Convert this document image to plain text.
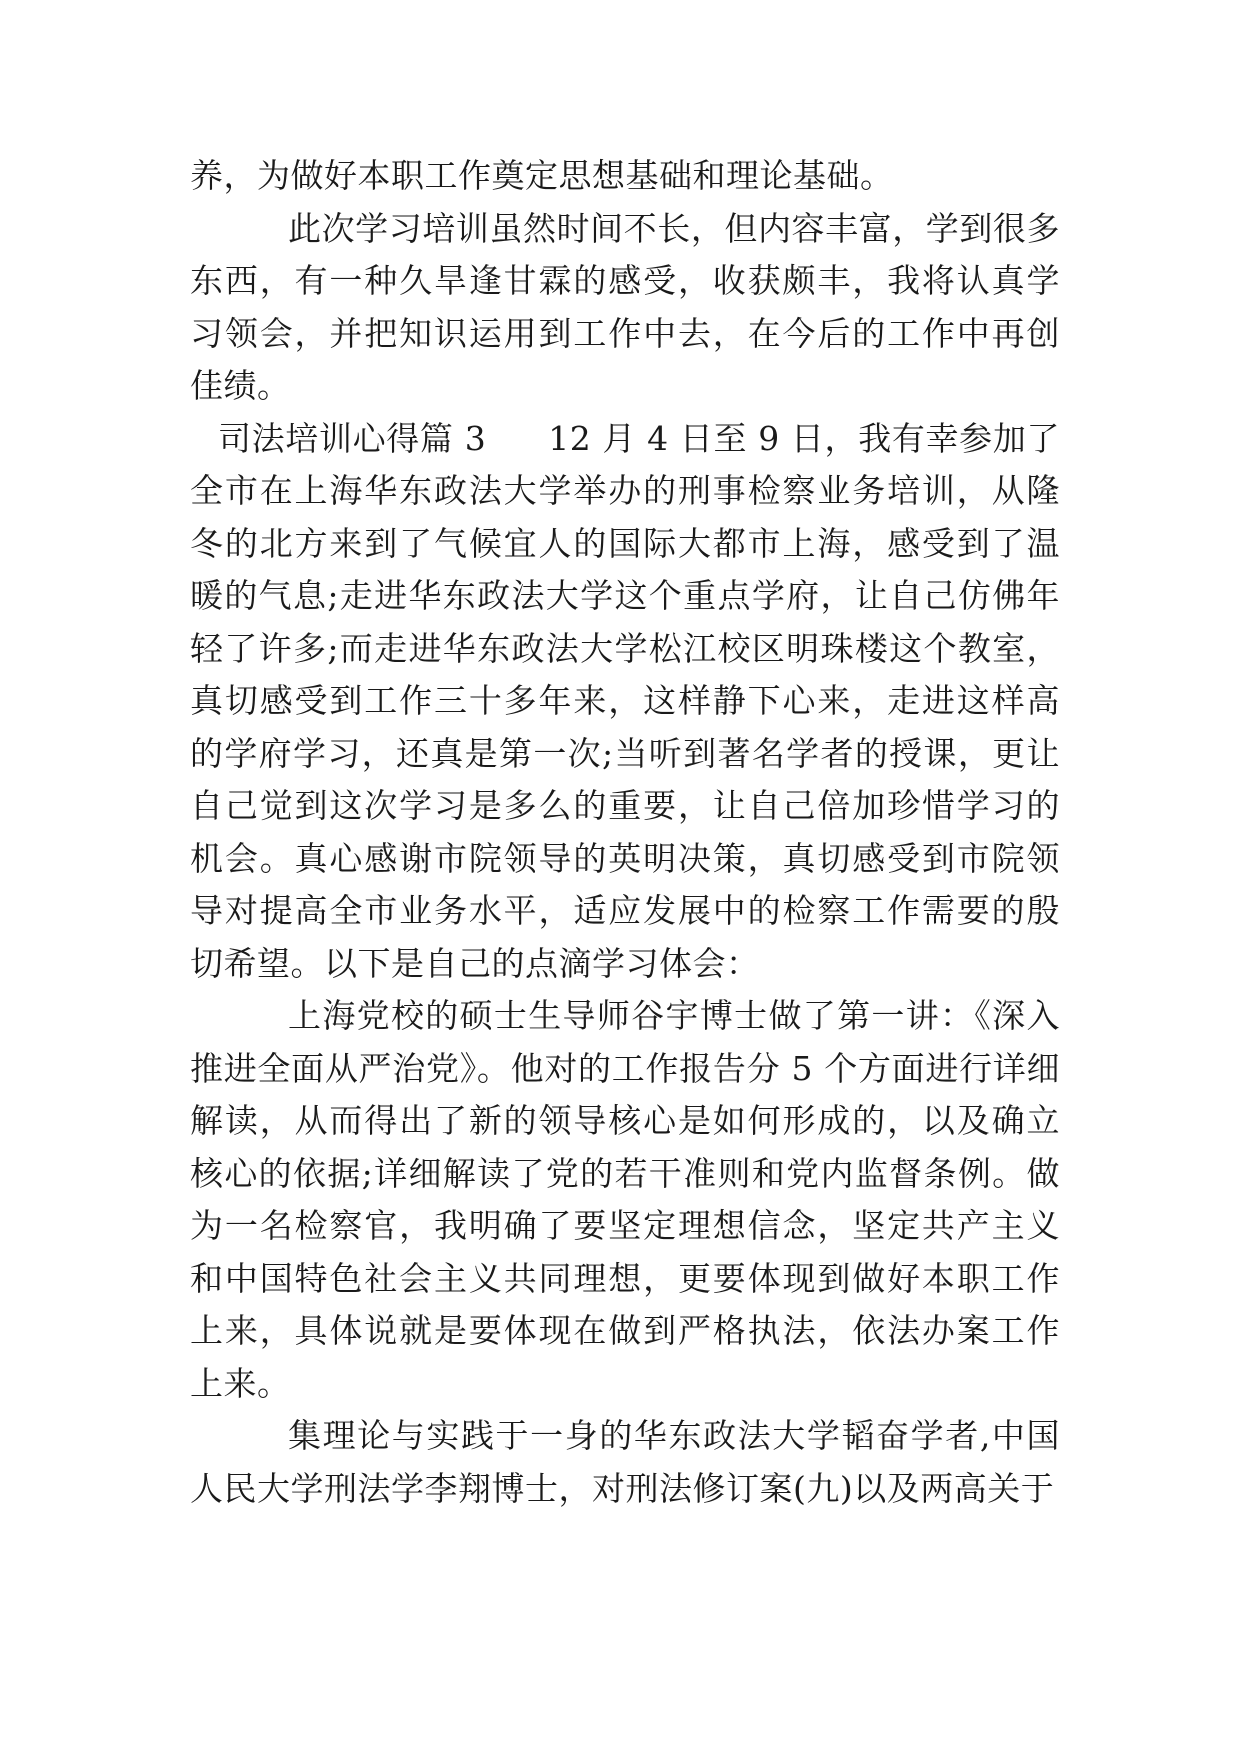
养，为做好本职工作奠定思想基础和理论基础。

此次学习培训虽然时间不长，但内容丰富，学到很多东西，有一种久旱逢甘霖的感受，收获颇丰，我将认真学习领会，并把知识运用到工作中去，在今后的工作中再创佳绩。

司法培训心得篇 3 12 月 4 日至 9 日，我有幸参加了全市在上海华东政法大学举办的刑事检察业务培训，从隆冬的北方来到了气候宜人的国际大都市上海，感受到了温暖的气息;走进华东政法大学这个重点学府，让自己仿佛年轻了许多;而走进华东政法大学松江校区明珠楼这个教室，真切感受到工作三十多年来，这样静下心来，走进这样高的学府学习，还真是第一次;当听到著名学者的授课，更让自己觉到这次学习是多么的重要，让自己倍加珍惜学习的机会。真心感谢市院领导的英明决策，真切感受到市院领导对提高全市业务水平，适应发展中的检察工作需要的殷切希望。以下是自己的点滴学习体会：

上海党校的硕士生导师谷宇博士做了第一讲：《深入推进全面从严治党》。他对的工作报告分 5 个方面进行详细解读，从而得出了新的领导核心是如何形成的，以及确立核心的依据;详细解读了党的若干准则和党内监督条例。做为一名检察官，我明确了要坚定理想信念，坚定共产主义和中国特色社会主义共同理想，更要体现到做好本职工作上来，具体说就是要体现在做到严格执法，依法办案工作上来。

集理论与实践于一身的华东政法大学韬奋学者,中国人民大学刑法学李翔博士，对刑法修订案(九)以及两高关于
